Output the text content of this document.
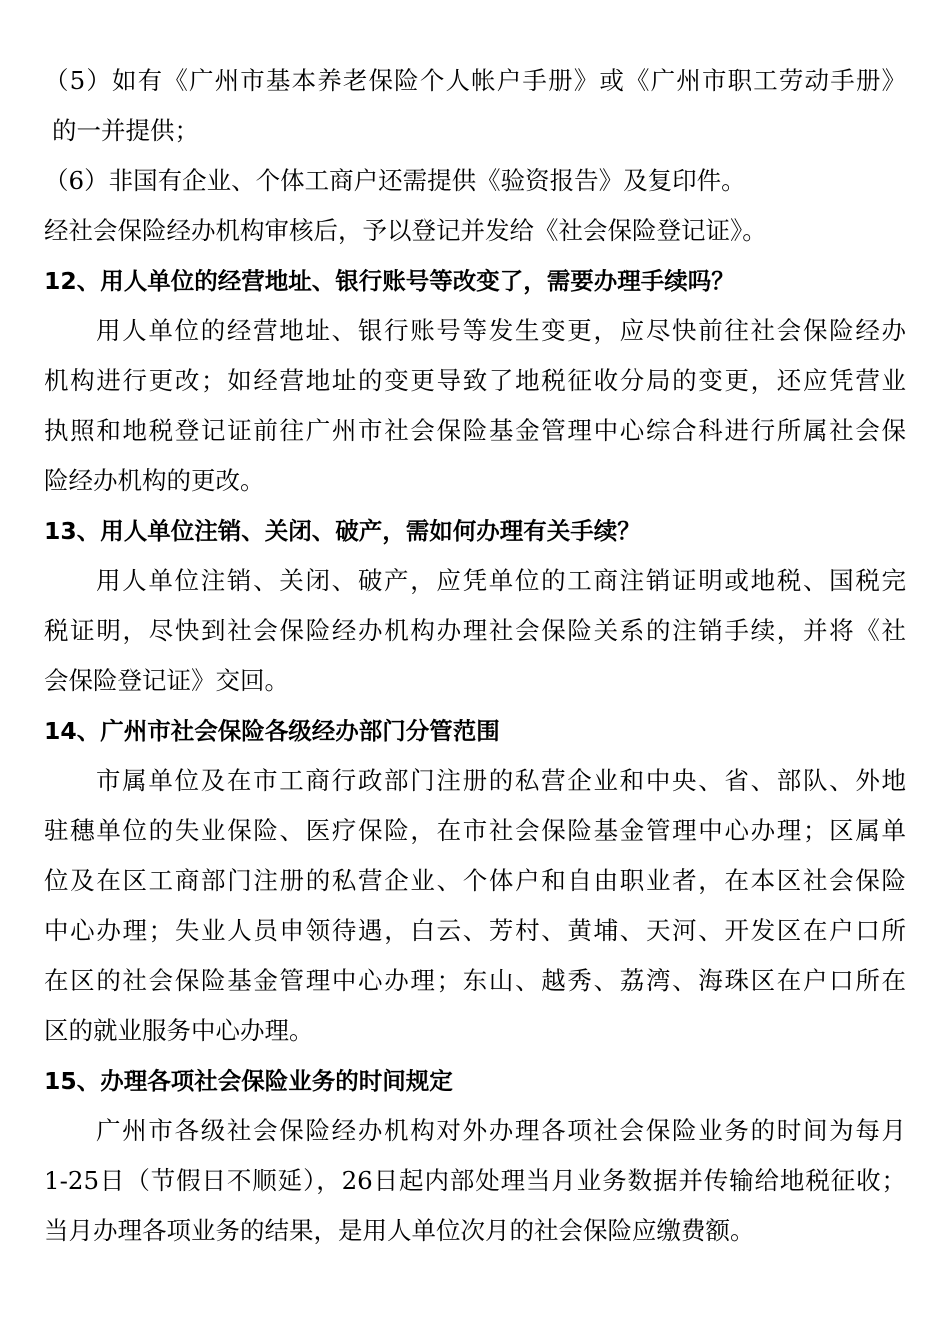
（5）如有《广州市基本养老保险个人帐户手册》或《广州市职工劳动手册》
的一并提供；
（6）非国有企业、个体工商户还需提供《验资报告》及复印件。
经社会保险经办机构审核后，予以登记并发给《社会保险登记证》。
12、用人单位的经营地址、银行账号等改变了，需要办理手续吗？
用人单位的经营地址、银行账号等发生变更，应尽快前往社会保险经办
机构进行更改；如经营地址的变更导致了地税征收分局的变更，还应凭营业
执照和地税登记证前往广州市社会保险基金管理中心综合科进行所属社会保
险经办机构的更改。
13、用人单位注销、关闭、破产，需如何办理有关手续？
用人单位注销、关闭、破产，应凭单位的工商注销证明或地税、国税完
税证明，尽快到社会保险经办机构办理社会保险关系的注销手续，并将《社
会保险登记证》交回。
14、广州市社会保险各级经办部门分管范围
市属单位及在市工商行政部门注册的私营企业和中央、省、部队、外地
驻穗单位的失业保险、医疗保险，在市社会保险基金管理中心办理；区属单
位及在区工商部门注册的私营企业、个体户和自由职业者，在本区社会保险
中心办理；失业人员申领待遇，白云、芳村、黄埔、天河、开发区在户口所
在区的社会保险基金管理中心办理；东山、越秀、荔湾、海珠区在户口所在
区的就业服务中心办理。
15、办理各项社会保险业务的时间规定
广州市各级社会保险经办机构对外办理各项社会保险业务的时间为每月
1-25日（节假日不顺延），26日起内部处理当月业务数据并传输给地税征收；
当月办理各项业务的结果，是用人单位次月的社会保险应缴费额。
